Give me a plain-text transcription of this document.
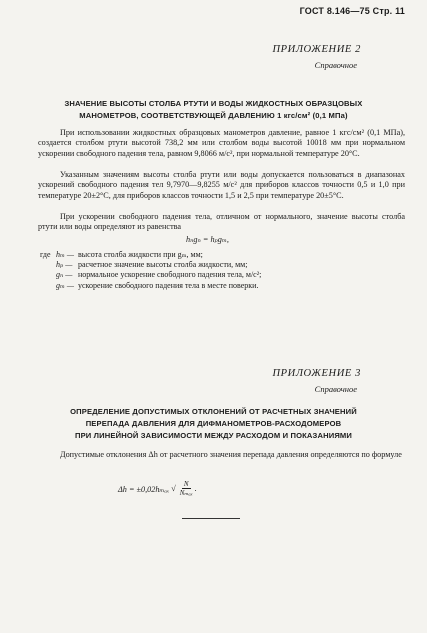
ГОСТ 8.146—75 Стр. 11
ПРИЛОЖЕНИЕ 2
Справочное
ЗНАЧЕНИЕ ВЫСОТЫ СТОЛБА РТУТИ И ВОДЫ ЖИДКОСТНЫХ ОБРАЗЦОВЫХ
МАНОМЕТРОВ, СООТВЕТСТВУЮЩЕЙ ДАВЛЕНИЮ 1 кгс/см² (0,1 МПа)
При использовании жидкостных образцовых манометров давление, равное 1 кгс/см² (0,1 МПа), создается столбом ртути высотой 738,2 мм или столбом воды высотой 10018 мм при нормальном ускорении свободного падения тела, равном 9,8066 м/с², при нормальной температуре 20°С.
Указанным значениям высоты столба ртути или воды допускается пользоваться в диапазонах ускорений свободного падения тел 9,7970—9,8255 м/с² для приборов классов точности 0,5 и 1,0 при температуре 20±2°С, для приборов классов точности 1,5 и 2,5 при температуре 20±5°С.
При ускорении свободного падения тела, отличном от нормального, значение высоты столба ртути или воды определяют из равенства
hₙgₙ = hₚgₘ,
где hₘ — высота столба жидкости при gₘ, мм;
hₚ — расчетное значение высоты столба жидкости, мм;
gₙ — нормальное ускорение свободного падения тела, м/с²;
gₘ — ускорение свободного падения тела в месте поверки.
ПРИЛОЖЕНИЕ 3
Справочное
ОПРЕДЕЛЕНИЕ ДОПУСТИМЫХ ОТКЛОНЕНИЙ ОТ РАСЧЕТНЫХ ЗНАЧЕНИЙ
ПЕРЕПАДА ДАВЛЕНИЯ ДЛЯ ДИФМАНОМЕТРОВ-РАСХОДОМЕРОВ
ПРИ ЛИНЕЙНОЙ ЗАВИСИМОСТИ МЕЖДУ РАСХОДОМ И ПОКАЗАНИЯМИ
Допустимые отклонения Δh от расчетного значения перепада давления определяются по формуле
Δh = ±0,02hₘₐₓ √ $\frac{N}{\text{Nₘₐₓ}}$ .
